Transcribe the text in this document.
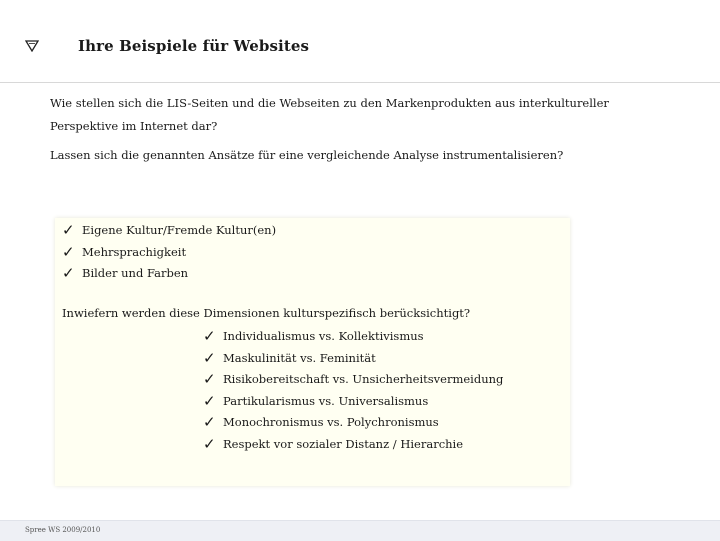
Ihre Beispiele für Websites

Wie stellen sich die LIS-Seiten und die Webseiten zu den Markenprodukten aus interkultureller Perspektive im Internet dar?

Lassen sich die genannten Ansätze für eine vergleichende Analyse instrumentalisieren?

✓ Eigene Kultur/Fremde Kultur(en)
✓ Mehrsprachigkeit
✓ Bilder und Farben
Inwiefern werden diese Dimensionen kulturspezifisch berücksichtigt?
✓ Individualismus vs. Kollektivismus
✓ Maskulinität vs. Feminität
✓ Risikobereitschaft vs. Unsicherheitsvermeidung
✓ Partikularismus vs. Universalismus
✓ Monochronismus vs. Polychronismus
✓ Respekt vor sozialer Distanz / Hierarchie
Spree WS 2009/2010
